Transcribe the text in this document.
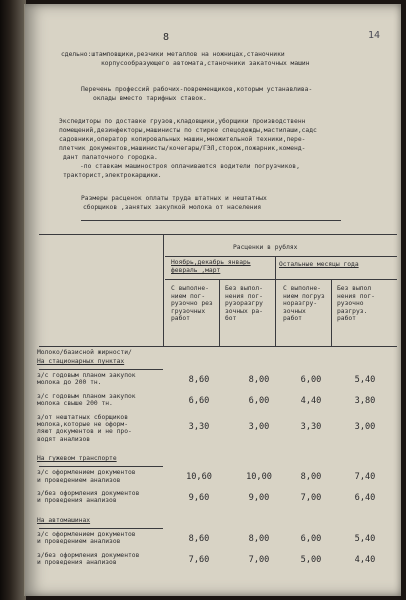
8	14
сдельно:штамповщики,резчики металлов на ножницах,станочники
корпусообразующего автомата,станочники закаточных машин
Перечень профессий рабочих-повременщиков,которым устанавлива-
оклады вместо тарифных ставок.
Экспедиторы по доставке грузов,кладовщики,уборщики производственн
помещений,дезинфекторы,машинисты по стирке спецодежды,мастилаши,садс
садовники,оператор копировальных машин,множительной техники,пере-
плетчик документов,машинисты/кочегары/ГЭЛ,сторож,пожарник,коменд-
дант палаточного городка.
-по ставкам машиностроя оплачиваются водители погрузчиков,
тракторист,электрокарщики.
Размеры расценок оплаты труда штатных и нештатных
сборщиков ,занятых закупкой молока от населения
Расценки в рублях
Ноябрь,декабрь январь
февраль ,март
Остальные месяцы года
С выполне-
нием пог-
рузочно рез
грузочных
работ
Без выпол-
нения пог-
рузоразгру
зочных ра-
бот
С выполне-
нием погруз
норазгру-
зочных
работ
Без выпол
нения пог-
рузочно
разгруз.
работ
Молоко/базисной жирности/
На стационарных пунктах
з/с годовым планом закупок
молока до 200 тн.	8,60	8,00	6,00	5,40
з/с годовым планом закупок
молока свыше 200 тн.	6,60	6,00	4,40	3,80
з/от нештатных сборщиков
молока,которые не оформ-
ляют документов и не про-
водят анализов
3,30	3,00	3,30	3,00
На гужевом транспорте
з/с оформлением документов
и проведением анализов	10,60	10,00	8,00	7,40
з/без оформления документов
и проведения анализов	9,60	9,00	7,00	6,40
На автомашинах
з/с оформлением документов
и проведением анализов	8,60	8,00	6,00	5,40
з/без оформления документов
и проведения анализов	7,60	7,00	5,00	4,40
